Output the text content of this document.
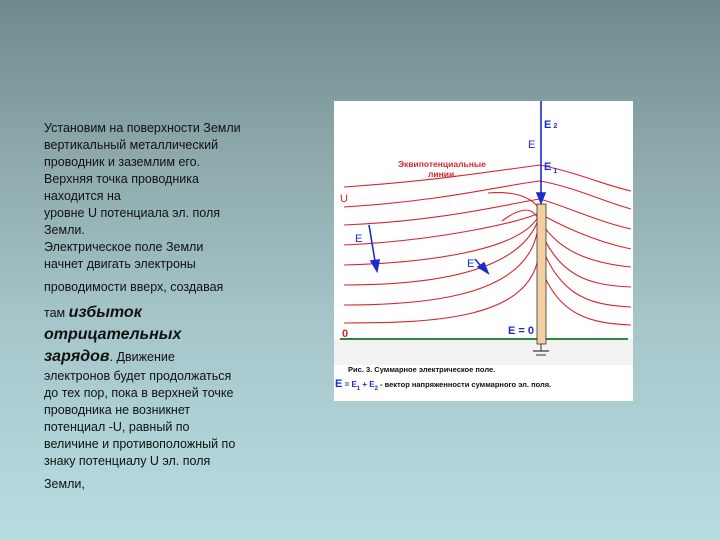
Установим на поверхности Земли
вертикальный металлический
проводник и заземлим его.
Верхняя точка проводника
находится на
уровне U потенциала эл. поля
Земли.
Электрическое поле Земли
начнет двигать электроны
проводимости вверх, создавая
там избыток
отрицательных
зарядов. Движение
электронов будет продолжаться
до тех пор, пока в верхней точке
проводника не возникнет
потенциал -U, равный по
величине и противоположный по
знаку потенциалу U эл. поля
Земли,
Эквипотенциальные
линии.
U
0
E
E 2
E $_1$
E
E
E = 0
Рис. 3. Суммарное электрическое поле.
$E = E_1 + E_2$ - вектор напряженности суммарного эл. поля.
